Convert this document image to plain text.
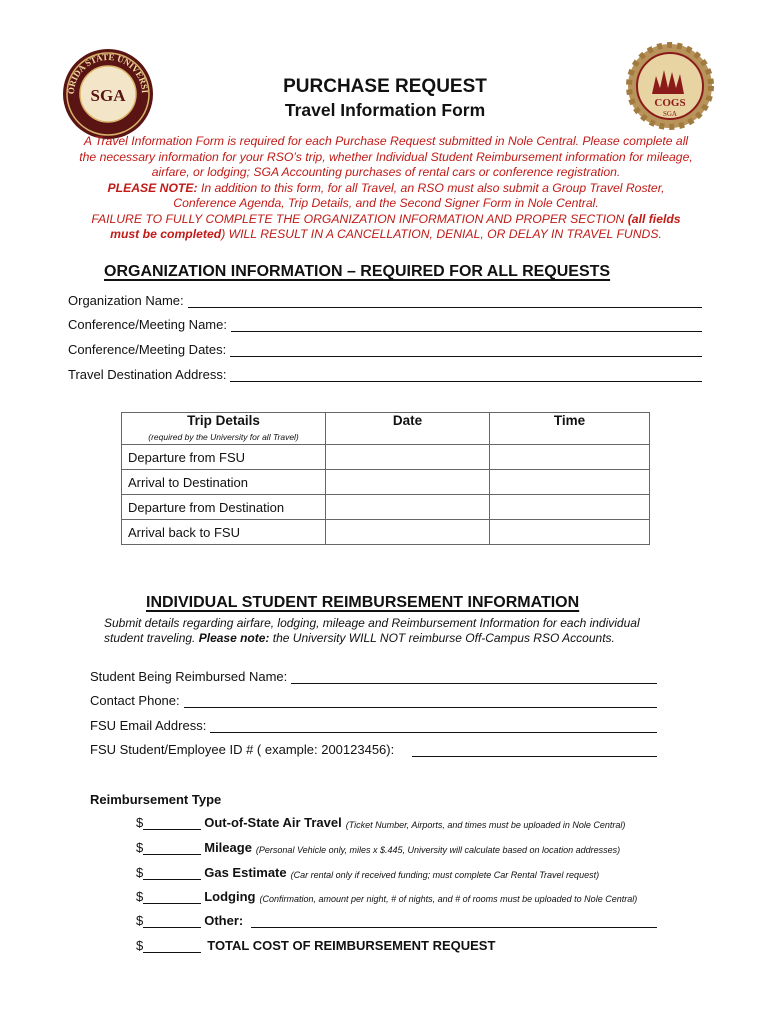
SGA
ORIDA STATE UNIVERSI
COGS
SGA
PURCHASE REQUEST
Travel Information Form
A Travel Information Form is required for each Purchase Request submitted in Nole Central. Please complete all
the necessary information for your RSO’s trip, whether Individual Student Reimbursement information for mileage,
airfare, or lodging; SGA Accounting purchases of rental cars or conference registration.
PLEASE NOTE: In addition to this form, for all Travel, an RSO must also submit a Group Travel Roster,
Conference Agenda, Trip Details, and the Second Signer Form in Nole Central.
FAILURE TO FULLY COMPLETE THE ORGANIZATION INFORMATION AND PROPER SECTION (all fields
must be completed) WILL RESULT IN A CANCELLATION, DENIAL, OR DELAY IN TRAVEL FUNDS.
ORGANIZATION INFORMATION – REQUIRED FOR ALL REQUESTS
Organization Name:
Conference/Meeting Name:
Conference/Meeting Dates:
Travel Destination Address:
Trip Details
(required by the University for all Travel)	Date	Time
Departure from FSU		
Arrival to Destination		
Departure from Destination		
Arrival back to FSU		
INDIVIDUAL STUDENT REIMBURSEMENT INFORMATION
Submit details regarding airfare, lodging, mileage and Reimbursement Information for each individual
student traveling. Please note: the University WILL NOT reimburse Off-Campus RSO Accounts.
Student Being Reimbursed Name:
Contact Phone:
FSU Email Address:
FSU Student/Employee ID # ( example: 200123456):
Reimbursement Type
$	Out-of-State Air Travel (Ticket Number, Airports, and times must be uploaded in Nole Central)
$	Mileage (Personal Vehicle only, miles x $.445, University will calculate based on location addresses)
$	Gas Estimate (Car rental only if received funding; must complete Car Rental Travel request)
$	Lodging (Confirmation, amount per night, # of nights, and # of rooms must be uploaded to Nole Central)
$	Other:
$	TOTAL COST OF REIMBURSEMENT REQUEST
